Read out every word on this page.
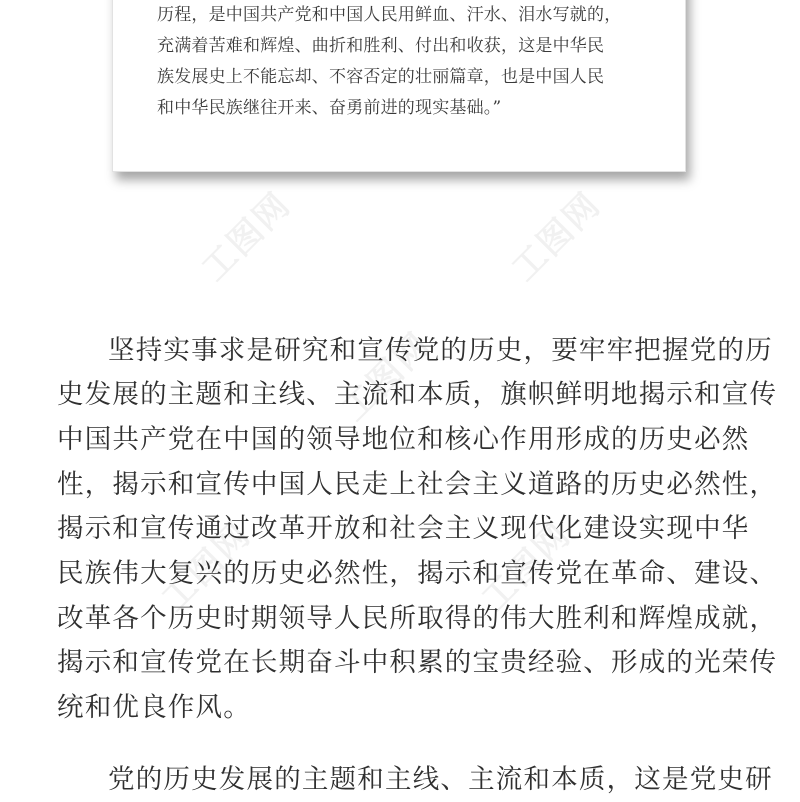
工图网	工图网
工图网
工图网	工图网
历程，是中国共产党和中国人民用鲜血、汗水、泪水写就的，
充满着苦难和辉煌、曲折和胜利、付出和收获，这是中华民
族发展史上不能忘却、不容否定的壮丽篇章，也是中国人民
和中华民族继往开来、奋勇前进的现实基础。”
坚持实事求是研究和宣传党的历史，要牢牢把握党的历
史发展的主题和主线、主流和本质，旗帜鲜明地揭示和宣传
中国共产党在中国的领导地位和核心作用形成的历史必然
性，揭示和宣传中国人民走上社会主义道路的历史必然性，
揭示和宣传通过改革开放和社会主义现代化建设实现中华
民族伟大复兴的历史必然性，揭示和宣传党在革命、建设、
改革各个历史时期领导人民所取得的伟大胜利和辉煌成就，
揭示和宣传党在长期奋斗中积累的宝贵经验、形成的光荣传
统和优良作风。
党的历史发展的主题和主线、主流和本质，这是党史研
